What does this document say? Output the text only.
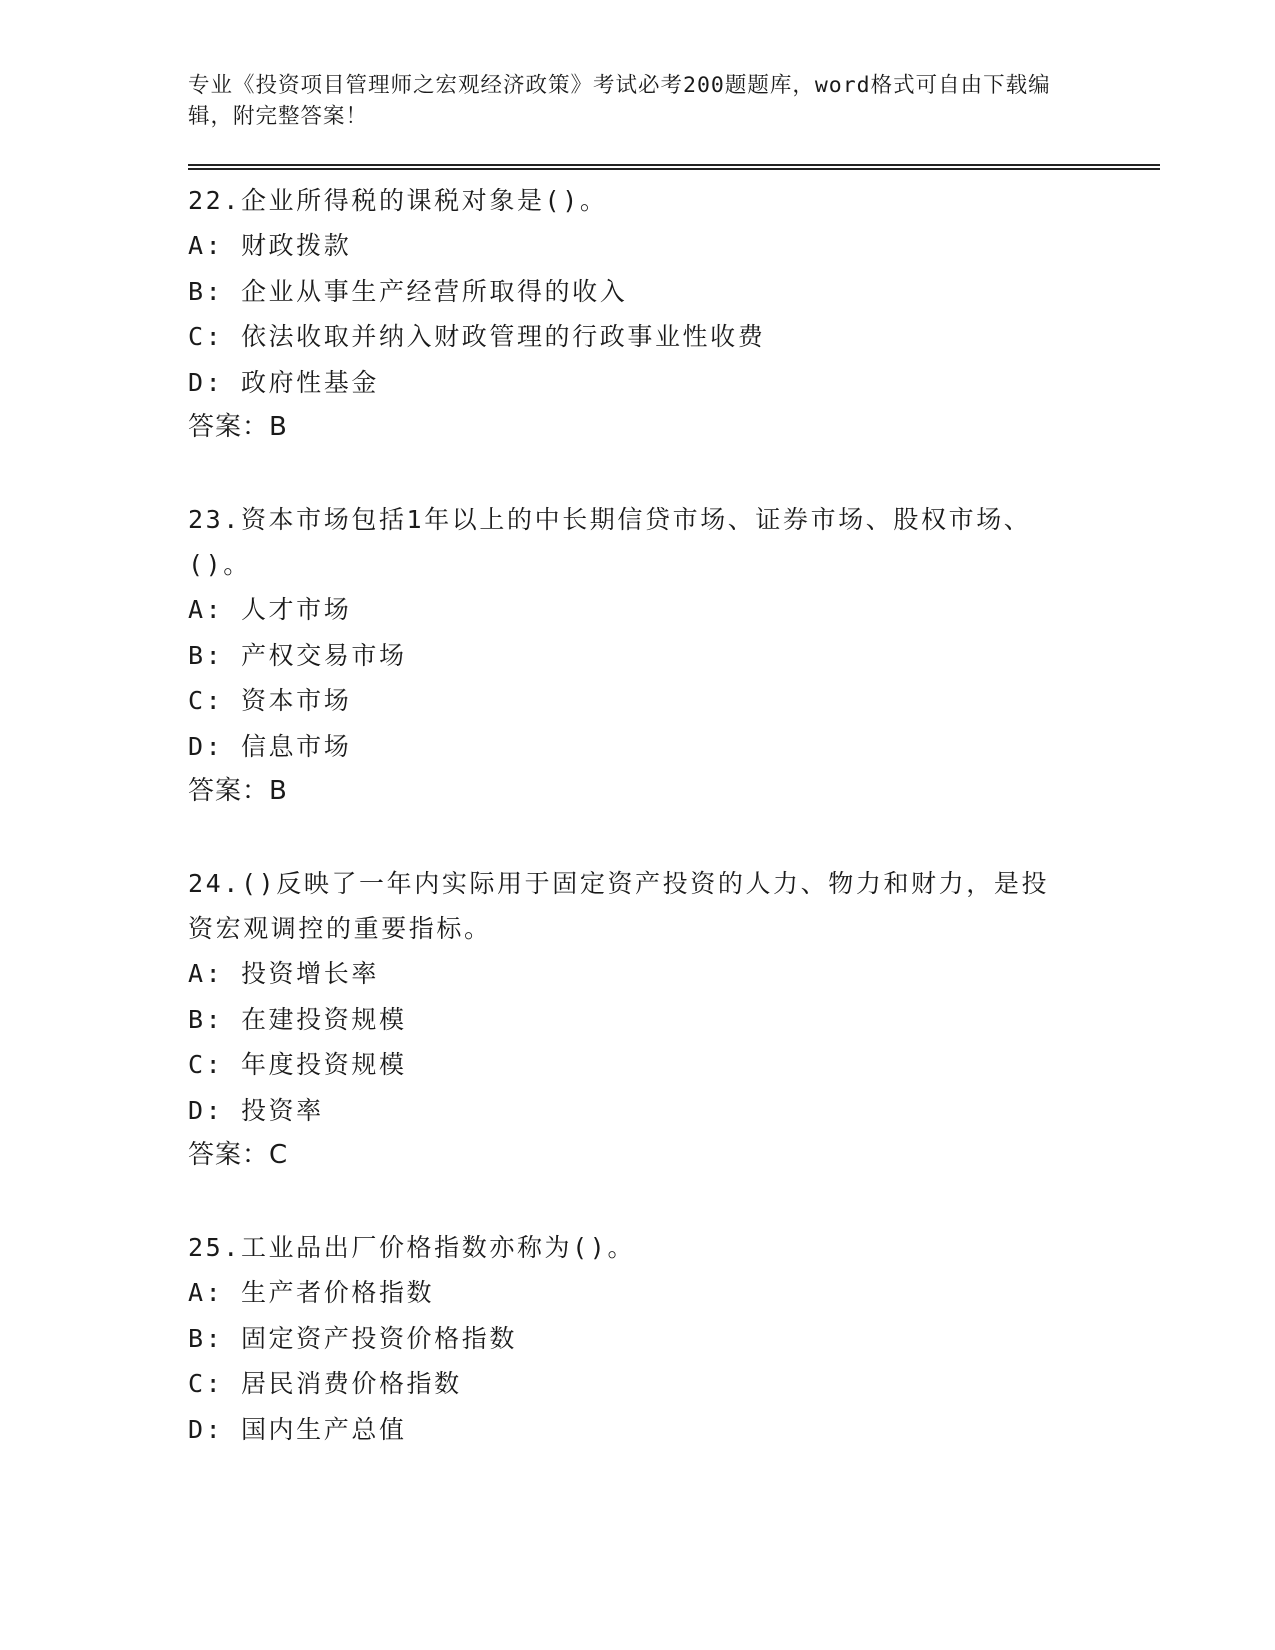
专业《投资项目管理师之宏观经济政策》考试必考200题题库，word格式可自由下载编辑，附完整答案！
22.企业所得税的课税对象是()。
A: 财政拨款
B: 企业从事生产经营所取得的收入
C: 依法收取并纳入财政管理的行政事业性收费
D: 政府性基金
答案：B
23.资本市场包括1年以上的中长期信贷市场、证券市场、股权市场、()。
A: 人才市场
B: 产权交易市场
C: 资本市场
D: 信息市场
答案：B
24.()反映了一年内实际用于固定资产投资的人力、物力和财力，是投资宏观调控的重要指标。
A: 投资增长率
B: 在建投资规模
C: 年度投资规模
D: 投资率
答案：C
25.工业品出厂价格指数亦称为()。
A: 生产者价格指数
B: 固定资产投资价格指数
C: 居民消费价格指数
D: 国内生产总值
